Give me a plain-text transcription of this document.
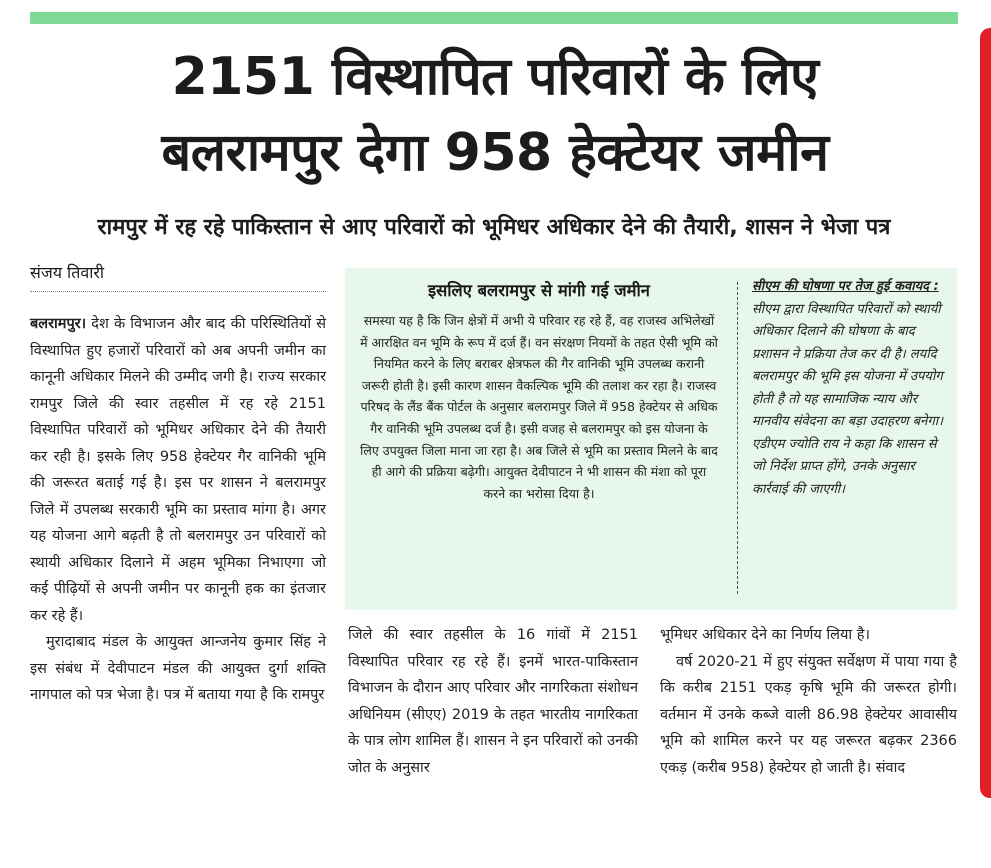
2151 विस्थापित परिवारों के लिए
बलरामपुर देगा 958 हेक्टेयर जमीन
रामपुर में रह रहे पाकिस्तान से आए परिवारों को भूमिधर अधिकार देने की तैयारी, शासन ने भेजा पत्र
संजय तिवारी

बलरामपुर। देश के विभाजन और बाद की परिस्थितियों से विस्थापित हुए हजारों परिवारों को अब अपनी जमीन का कानूनी अधिकार मिलने की उम्मीद जगी है। राज्य सरकार रामपुर जिले की स्वार तहसील में रह रहे 2151 विस्थापित परिवारों को भूमिधर अधिकार देने की तैयारी कर रही है। इसके लिए 958 हेक्टेयर गैर वानिकी भूमि की जरूरत बताई गई है। इस पर शासन ने बलरामपुर जिले में उपलब्ध सरकारी भूमि का प्रस्ताव मांगा है। अगर यह योजना आगे बढ़ती है तो बलरामपुर उन परिवारों को स्थायी अधिकार दिलाने में अहम भूमिका निभाएगा जो कई पीढ़ियों से अपनी जमीन पर कानूनी हक का इंतजार कर रहे हैं।

मुरादाबाद मंडल के आयुक्त आन्जनेय कुमार सिंह ने इस संबंध में देवीपाटन मंडल की आयुक्त दुर्गा शक्ति नागपाल को पत्र भेजा है। पत्र में बताया गया है कि रामपुर

इसलिए बलरामपुर से मांगी गई जमीन
समस्या यह है कि जिन क्षेत्रों में अभी ये परिवार रह रहे हैं, वह राजस्व अभिलेखों में आरक्षित वन भूमि के रूप में दर्ज हैं। वन संरक्षण नियमों के तहत ऐसी भूमि को नियमित करने के लिए बराबर क्षेत्रफल की गैर वानिकी भूमि उपलब्ध करानी जरूरी होती है। इसी कारण शासन वैकल्पिक भूमि की तलाश कर रहा है। राजस्व परिषद के लैंड बैंक पोर्टल के अनुसार बलरामपुर जिले में 958 हेक्टेयर से अधिक गैर वानिकी भूमि उपलब्ध दर्ज है। इसी वजह से बलरामपुर को इस योजना के लिए उपयुक्त जिला माना जा रहा है। अब जिले से भूमि का प्रस्ताव मिलने के बाद ही आगे की प्रक्रिया बढ़ेगी। आयुक्त देवीपाटन ने भी शासन की मंशा को पूरा करने का भरोसा दिया है।
सीएम की घोषणा पर तेज हुई कवायद : सीएम द्वारा विस्थापित परिवारों को स्थायी अधिकार दिलाने की घोषणा के बाद प्रशासन ने प्रक्रिया तेज कर दी है। लयदि बलरामपुर की भूमि इस योजना में उपयोग होती है तो यह सामाजिक न्याय और मानवीय संवेदना का बड़ा उदाहरण बनेगा। एडीएम ज्योति राय ने कहा कि शासन से जो निर्देश प्राप्त होंगे, उनके अनुसार कार्रवाई की जाएगी।

जिले की स्वार तहसील के 16 गांवों में 2151 विस्थापित परिवार रह रहे हैं। इनमें भारत-पाकिस्तान विभाजन के दौरान आए परिवार और नागरिकता संशोधन अधिनियम (सीएए) 2019 के तहत भारतीय नागरिकता के पात्र लोग शामिल हैं। शासन ने इन परिवारों को उनकी जोत के अनुसार

भूमिधर अधिकार देने का निर्णय लिया है।

वर्ष 2020-21 में हुए संयुक्त सर्वेक्षण में पाया गया है कि करीब 2151 एकड़ कृषि भूमि की जरूरत होगी। वर्तमान में उनके कब्जे वाली 86.98 हेक्टेयर आवासीय भूमि को शामिल करने पर यह जरूरत बढ़कर 2366 एकड़ (करीब 958) हेक्टेयर हो जाती है। संवाद
